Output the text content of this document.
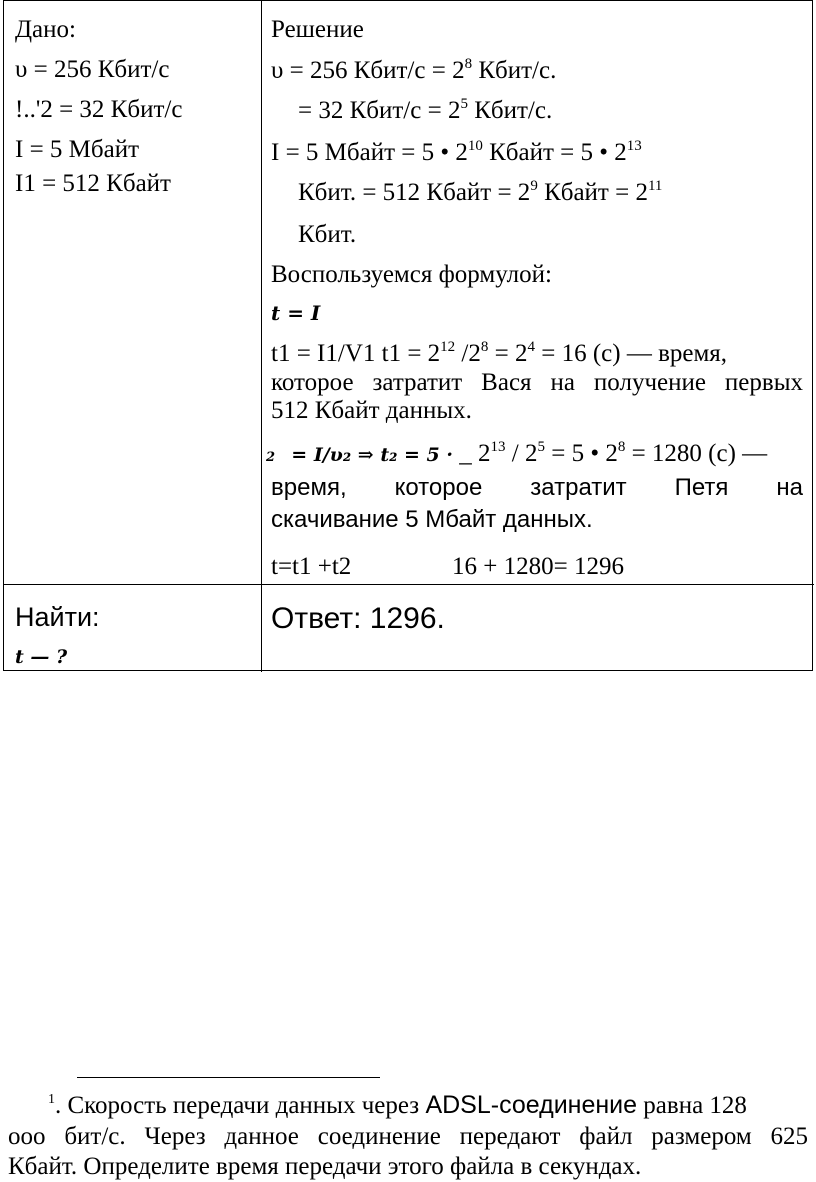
Дано:
υ = 256 Кбит/с
!..'2 = 32 Кбит/с
I = 5 Мбайт
I1 = 512 Кбайт
Найти:
t — ?
Решение
υ = 256 Кбит/с = $2^8$ Кбит/с.
= 32 Кбит/с = $2^5$ Кбит/с.
I = 5 Мбайт = 5 • $2^{10}$ Кбайт = 5 • $2^{13}$
Кбит. = 512 Кбайт = $2^9$ Кбайт = $2^{11}$
Кбит.
Воспользуемся формулой:
t = I
t1 = I1/V1 $t1 = 2^{12}$ $/2^8 = 2^4 = 16$ (с) — время,
которое затратит Вася на получение первых
512 Кбайт данных.
2 = I/υ₂ ⇒ t₂ = 5 · _ $2^{13} / 2^5 = 5$ • $2^8 = 1280$ (с) —
время, которое затратит Петя на
скачивание 5 Мбайт данных.
t=t1 +t2	16 + 1280= 1296
Ответ: 1296.
$^1$. Скорость передачи данных через ADSL-соединение равна 128
ооо бит/с. Через данное соединение передают файл размером 625
Кбайт. Определите время передачи этого файла в секундах.
